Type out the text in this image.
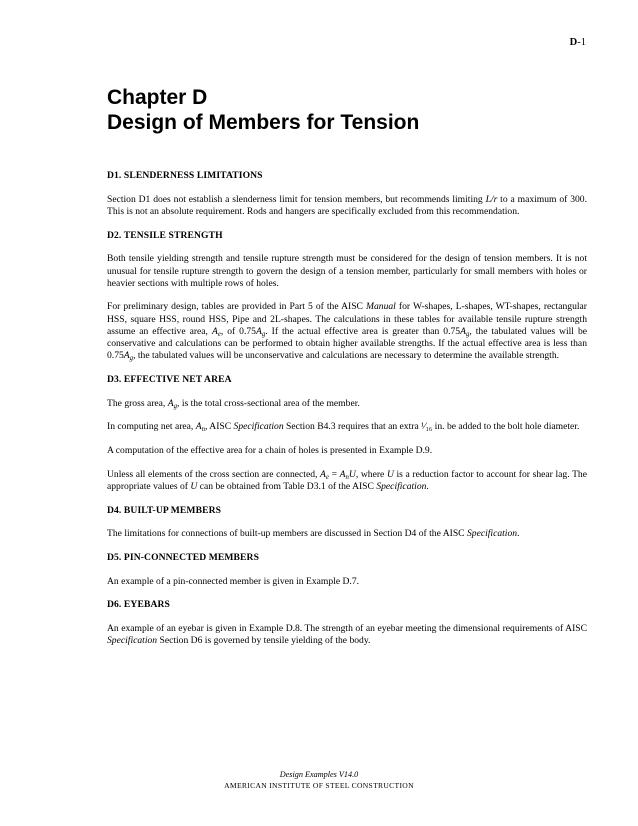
D-1
Chapter D
Design of Members for Tension
D1. SLENDERNESS LIMITATIONS

Section D1 does not establish a slenderness limit for tension members, but recommends limiting L/r to a maximum of 300. This is not an absolute requirement. Rods and hangers are specifically excluded from this recommendation.

D2. TENSILE STRENGTH

Both tensile yielding strength and tensile rupture strength must be considered for the design of tension members. It is not unusual for tensile rupture strength to govern the design of a tension member, particularly for small members with holes or heavier sections with multiple rows of holes.

For preliminary design, tables are provided in Part 5 of the AISC Manual for W-shapes, L-shapes, WT-shapes, rectangular HSS, square HSS, round HSS, Pipe and 2L-shapes. The calculations in these tables for available tensile rupture strength assume an effective area, $A_e$, of $0.75A_g$. If the actual effective area is greater than $0.75A_g$, the tabulated values will be conservative and calculations can be performed to obtain higher available strengths. If the actual effective area is less than $0.75A_g$, the tabulated values will be unconservative and calculations are necessary to determine the available strength.

D3. EFFECTIVE NET AREA

The gross area, $A_g$, is the total cross-sectional area of the member.

In computing net area, $A_n$, AISC Specification Section B4.3 requires that an extra ¹⁄₁₆ in. be added to the bolt hole diameter.

A computation of the effective area for a chain of holes is presented in Example D.9.

Unless all elements of the cross section are connected, $A_e = A_nU$, where U is a reduction factor to account for shear lag. The appropriate values of U can be obtained from Table D3.1 of the AISC Specification.

D4. BUILT-UP MEMBERS

The limitations for connections of built-up members are discussed in Section D4 of the AISC Specification.

D5. PIN-CONNECTED MEMBERS

An example of a pin-connected member is given in Example D.7.

D6. EYEBARS

An example of an eyebar is given in Example D.8. The strength of an eyebar meeting the dimensional requirements of AISC Specification Section D6 is governed by tensile yielding of the body.

Design Examples V14.0
AMERICAN INSTITUTE OF STEEL CONSTRUCTION
